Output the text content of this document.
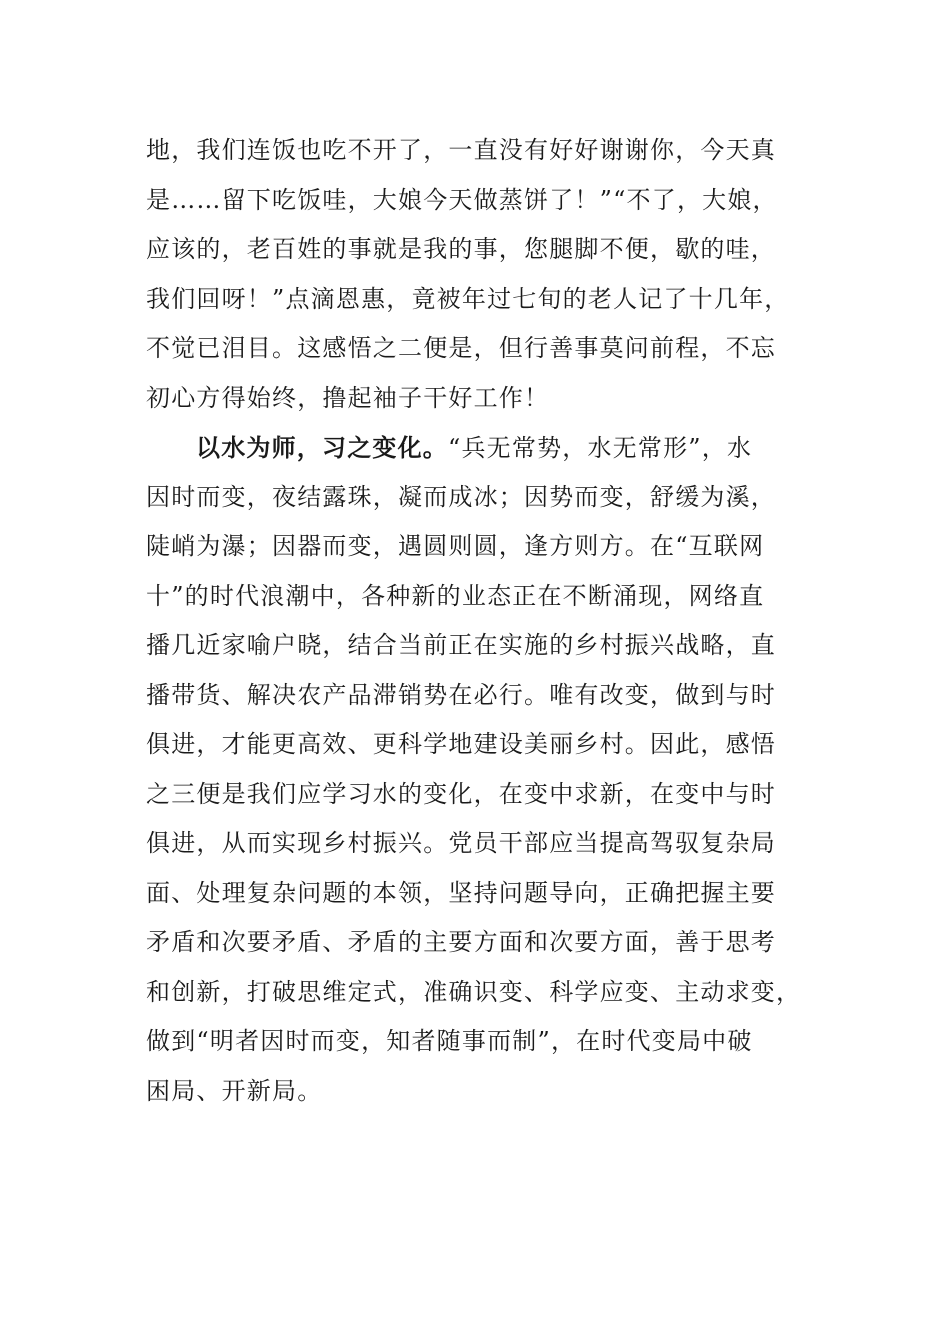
地，我们连饭也吃不开了，一直没有好好谢谢你，今天真
是……留下吃饭哇，大娘今天做蒸饼了！”“不了，大娘，
应该的，老百姓的事就是我的事，您腿脚不便，歇的哇，
我们回呀！”点滴恩惠，竟被年过七旬的老人记了十几年，
不觉已泪目。这感悟之二便是，但行善事莫问前程，不忘
初心方得始终，撸起袖子干好工作！
以水为师，习之变化。“兵无常势，水无常形”，水
因时而变，夜结露珠，凝而成冰；因势而变，舒缓为溪，
陡峭为瀑；因器而变，遇圆则圆，逢方则方。在“互联网
十”的时代浪潮中，各种新的业态正在不断涌现，网络直
播几近家喻户晓，结合当前正在实施的乡村振兴战略，直
播带货、解决农产品滞销势在必行。唯有改变，做到与时
俱进，才能更高效、更科学地建设美丽乡村。因此，感悟
之三便是我们应学习水的变化，在变中求新，在变中与时
俱进，从而实现乡村振兴。党员干部应当提高驾驭复杂局
面、处理复杂问题的本领，坚持问题导向，正确把握主要
矛盾和次要矛盾、矛盾的主要方面和次要方面，善于思考
和创新，打破思维定式，准确识变、科学应变、主动求变，
做到“明者因时而变，知者随事而制”，在时代变局中破
困局、开新局。
